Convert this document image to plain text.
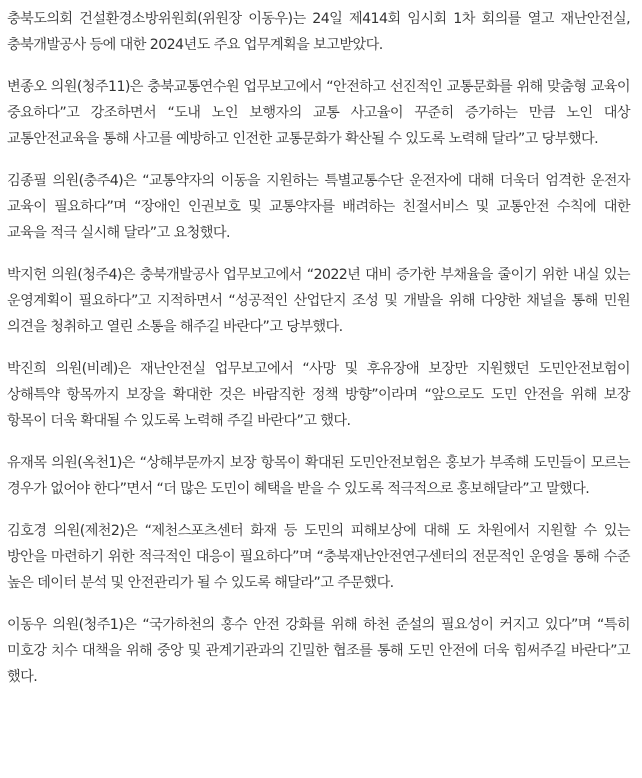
충북도의회 건설환경소방위원회(위원장 이동우)는 24일 제414회 임시회 1차 회의를 열고 재난안전실, 충북개발공사 등에 대한 2024년도 주요 업무계획을 보고받았다.

변종오 의원(청주11)은 충북교통연수원 업무보고에서 “안전하고 선진적인 교통문화를 위해 맞춤형 교육이 중요하다”고 강조하면서 “도내 노인 보행자의 교통 사고율이 꾸준히 증가하는 만큼 노인 대상 교통안전교육을 통해 사고를 예방하고 인전한 교통문화가 확산될 수 있도록 노력해 달라”고 당부했다.

김종필 의원(충주4)은 “교통약자의 이동을 지원하는 특별교통수단 운전자에 대해 더욱더 엄격한 운전자 교육이 필요하다”며 “장애인 인권보호 및 교통약자를 배려하는 친절서비스 및 교통안전 수칙에 대한 교육을 적극 실시해 달라”고 요청했다.

박지헌 의원(청주4)은 충북개발공사 업무보고에서 “2022년 대비 증가한 부채율을 줄이기 위한 내실 있는 운영계획이 필요하다”고 지적하면서 “성공적인 산업단지 조성 및 개발을 위해 다양한 채널을 통해 민원 의견을 청취하고 열린 소통을 해주길 바란다”고 당부했다.

박진희 의원(비례)은 재난안전실 업무보고에서 “사망 및 후유장애 보장만 지원했던 도민안전보험이 상해특약 항목까지 보장을 확대한 것은 바람직한 정책 방향”이라며 “앞으로도 도민 안전을 위해 보장 항목이 더욱 확대될 수 있도록 노력해 주길 바란다”고 했다.

유재목 의원(옥천1)은 “상해부문까지 보장 항목이 확대된 도민안전보험은 홍보가 부족해 도민들이 모르는 경우가 없어야 한다”면서 “더 많은 도민이 혜택을 받을 수 있도록 적극적으로 홍보해달라”고 말했다.

김호경 의원(제천2)은 “제천스포츠센터 화재 등 도민의 피해보상에 대해 도 차원에서 지원할 수 있는 방안을 마련하기 위한 적극적인 대응이 필요하다”며 “충북재난안전연구센터의 전문적인 운영을 통해 수준 높은 데이터 분석 및 안전관리가 될 수 있도록 해달라”고 주문했다.

이동우 의원(청주1)은 “국가하천의 홍수 안전 강화를 위해 하천 준설의 필요성이 커지고 있다”며 “특히 미호강 치수 대책을 위해 중앙 및 관계기관과의 긴밀한 협조를 통해 도민 안전에 더욱 힘써주길 바란다”고 했다.
